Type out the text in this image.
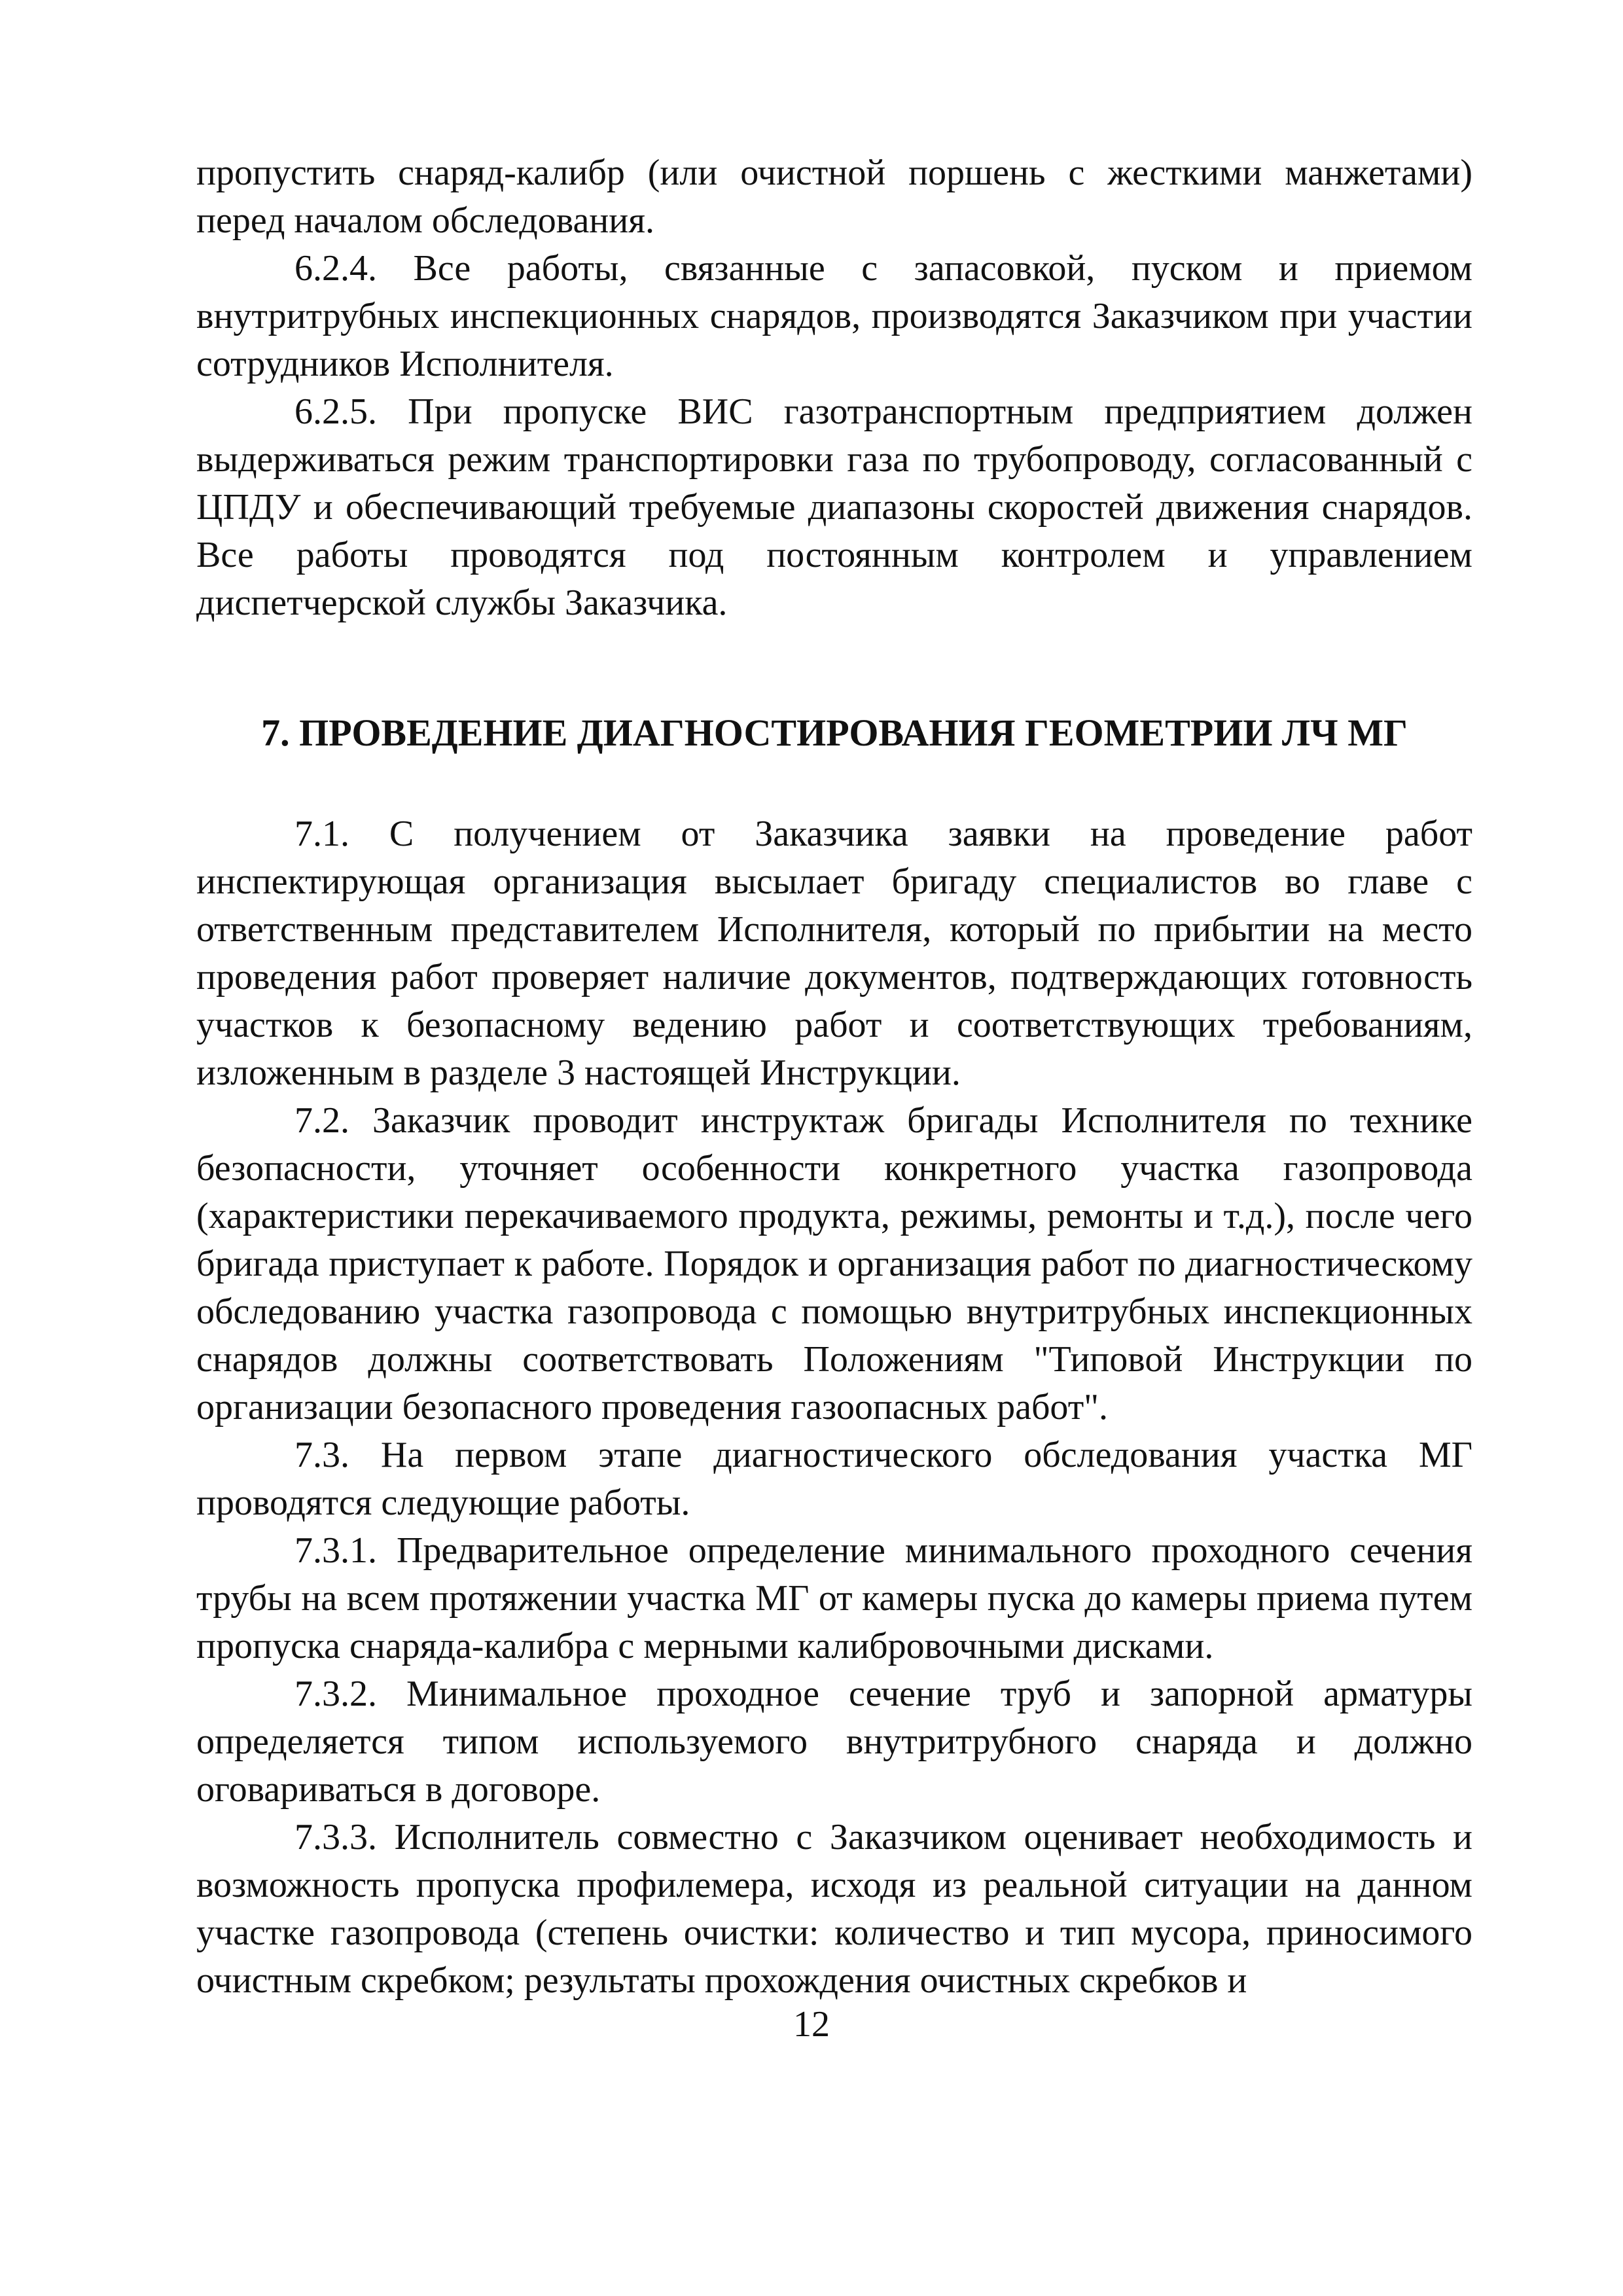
пропустить снаряд-калибр (или очистной поршень с жесткими манжетами) перед началом обследования.

6.2.4. Все работы, связанные с запасовкой, пуском и приемом внутритрубных инспекционных снарядов, производятся Заказчиком при участии сотрудников Исполнителя.

6.2.5. При пропуске ВИС газотранспортным предприятием должен выдерживаться режим транспортировки газа по трубопроводу, согласованный с ЦПДУ и обеспечивающий требуемые диапазоны скоростей движения снарядов. Все работы проводятся под постоянным контролем и управлением диспетчерской службы Заказчика.

7. ПРОВЕДЕНИЕ ДИАГНОСТИРОВАНИЯ ГЕОМЕТРИИ ЛЧ МГ

7.1. С получением от Заказчика заявки на проведение работ инспектирующая организация высылает бригаду специалистов во главе с ответственным представителем Исполнителя, который по прибытии на место проведения работ проверяет наличие документов, подтверждающих готовность участков к безопасному ведению работ и соответствующих требованиям, изложенным в разделе 3 настоящей Инструкции.

7.2. Заказчик проводит инструктаж бригады Исполнителя по технике безопасности, уточняет особенности конкретного участка газопровода (характеристики перекачиваемого продукта, режимы, ремонты и т.д.), после чего бригада приступает к работе. Порядок и организация работ по диагностическому обследованию участка газопровода с помощью внутритрубных инспекционных снарядов должны соответствовать Положениям "Типовой Инструкции по организации безопасного проведения газоопасных работ".

7.3. На первом этапе диагностического обследования участка МГ проводятся следующие работы.

7.3.1. Предварительное определение минимального проходного сечения трубы на всем протяжении участка МГ от камеры пуска до камеры приема путем пропуска снаряда-калибра с мерными калибровочными дисками.

7.3.2. Минимальное проходное сечение труб и запорной арматуры определяется типом используемого внутритрубного снаряда и должно оговариваться в договоре.

7.3.3. Исполнитель совместно с Заказчиком оценивает необходимость и возможность пропуска профилемера, исходя из реальной ситуации на данном участке газопровода (степень очистки: количество и тип мусора, приносимого очистным скребком; результаты прохождения очистных скребков и

12
